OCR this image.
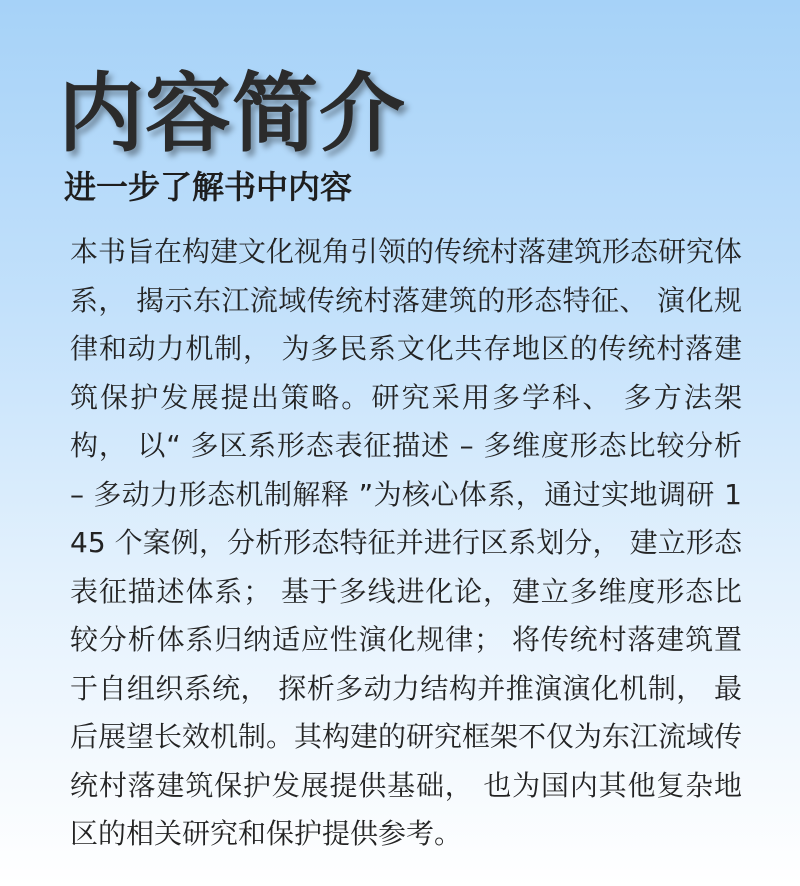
内容简介
进一步了解书中内容

本书旨在构建文化视角引领的传统村落建筑形态研究体系， 揭示东江流域传统村落建筑的形态特征、 演化规律和动力机制， 为多民系文化共存地区的传统村落建筑保护发展提出策略。研究采用多学科、 多方法架构， 以“ 多区系形态表征描述 – 多维度形态比较分析 – 多动力形态机制解释 ”为核心体系，通过实地调研 145 个案例，分析形态特征并进行区系划分， 建立形态表征描述体系； 基于多线进化论，建立多维度形态比较分析体系归纳适应性演化规律； 将传统村落建筑置于自组织系统， 探析多动力结构并推演演化机制， 最后展望长效机制。其构建的研究框架不仅为东江流域传统村落建筑保护发展提供基础， 也为国内其他复杂地区的相关研究和保护提供参考。
